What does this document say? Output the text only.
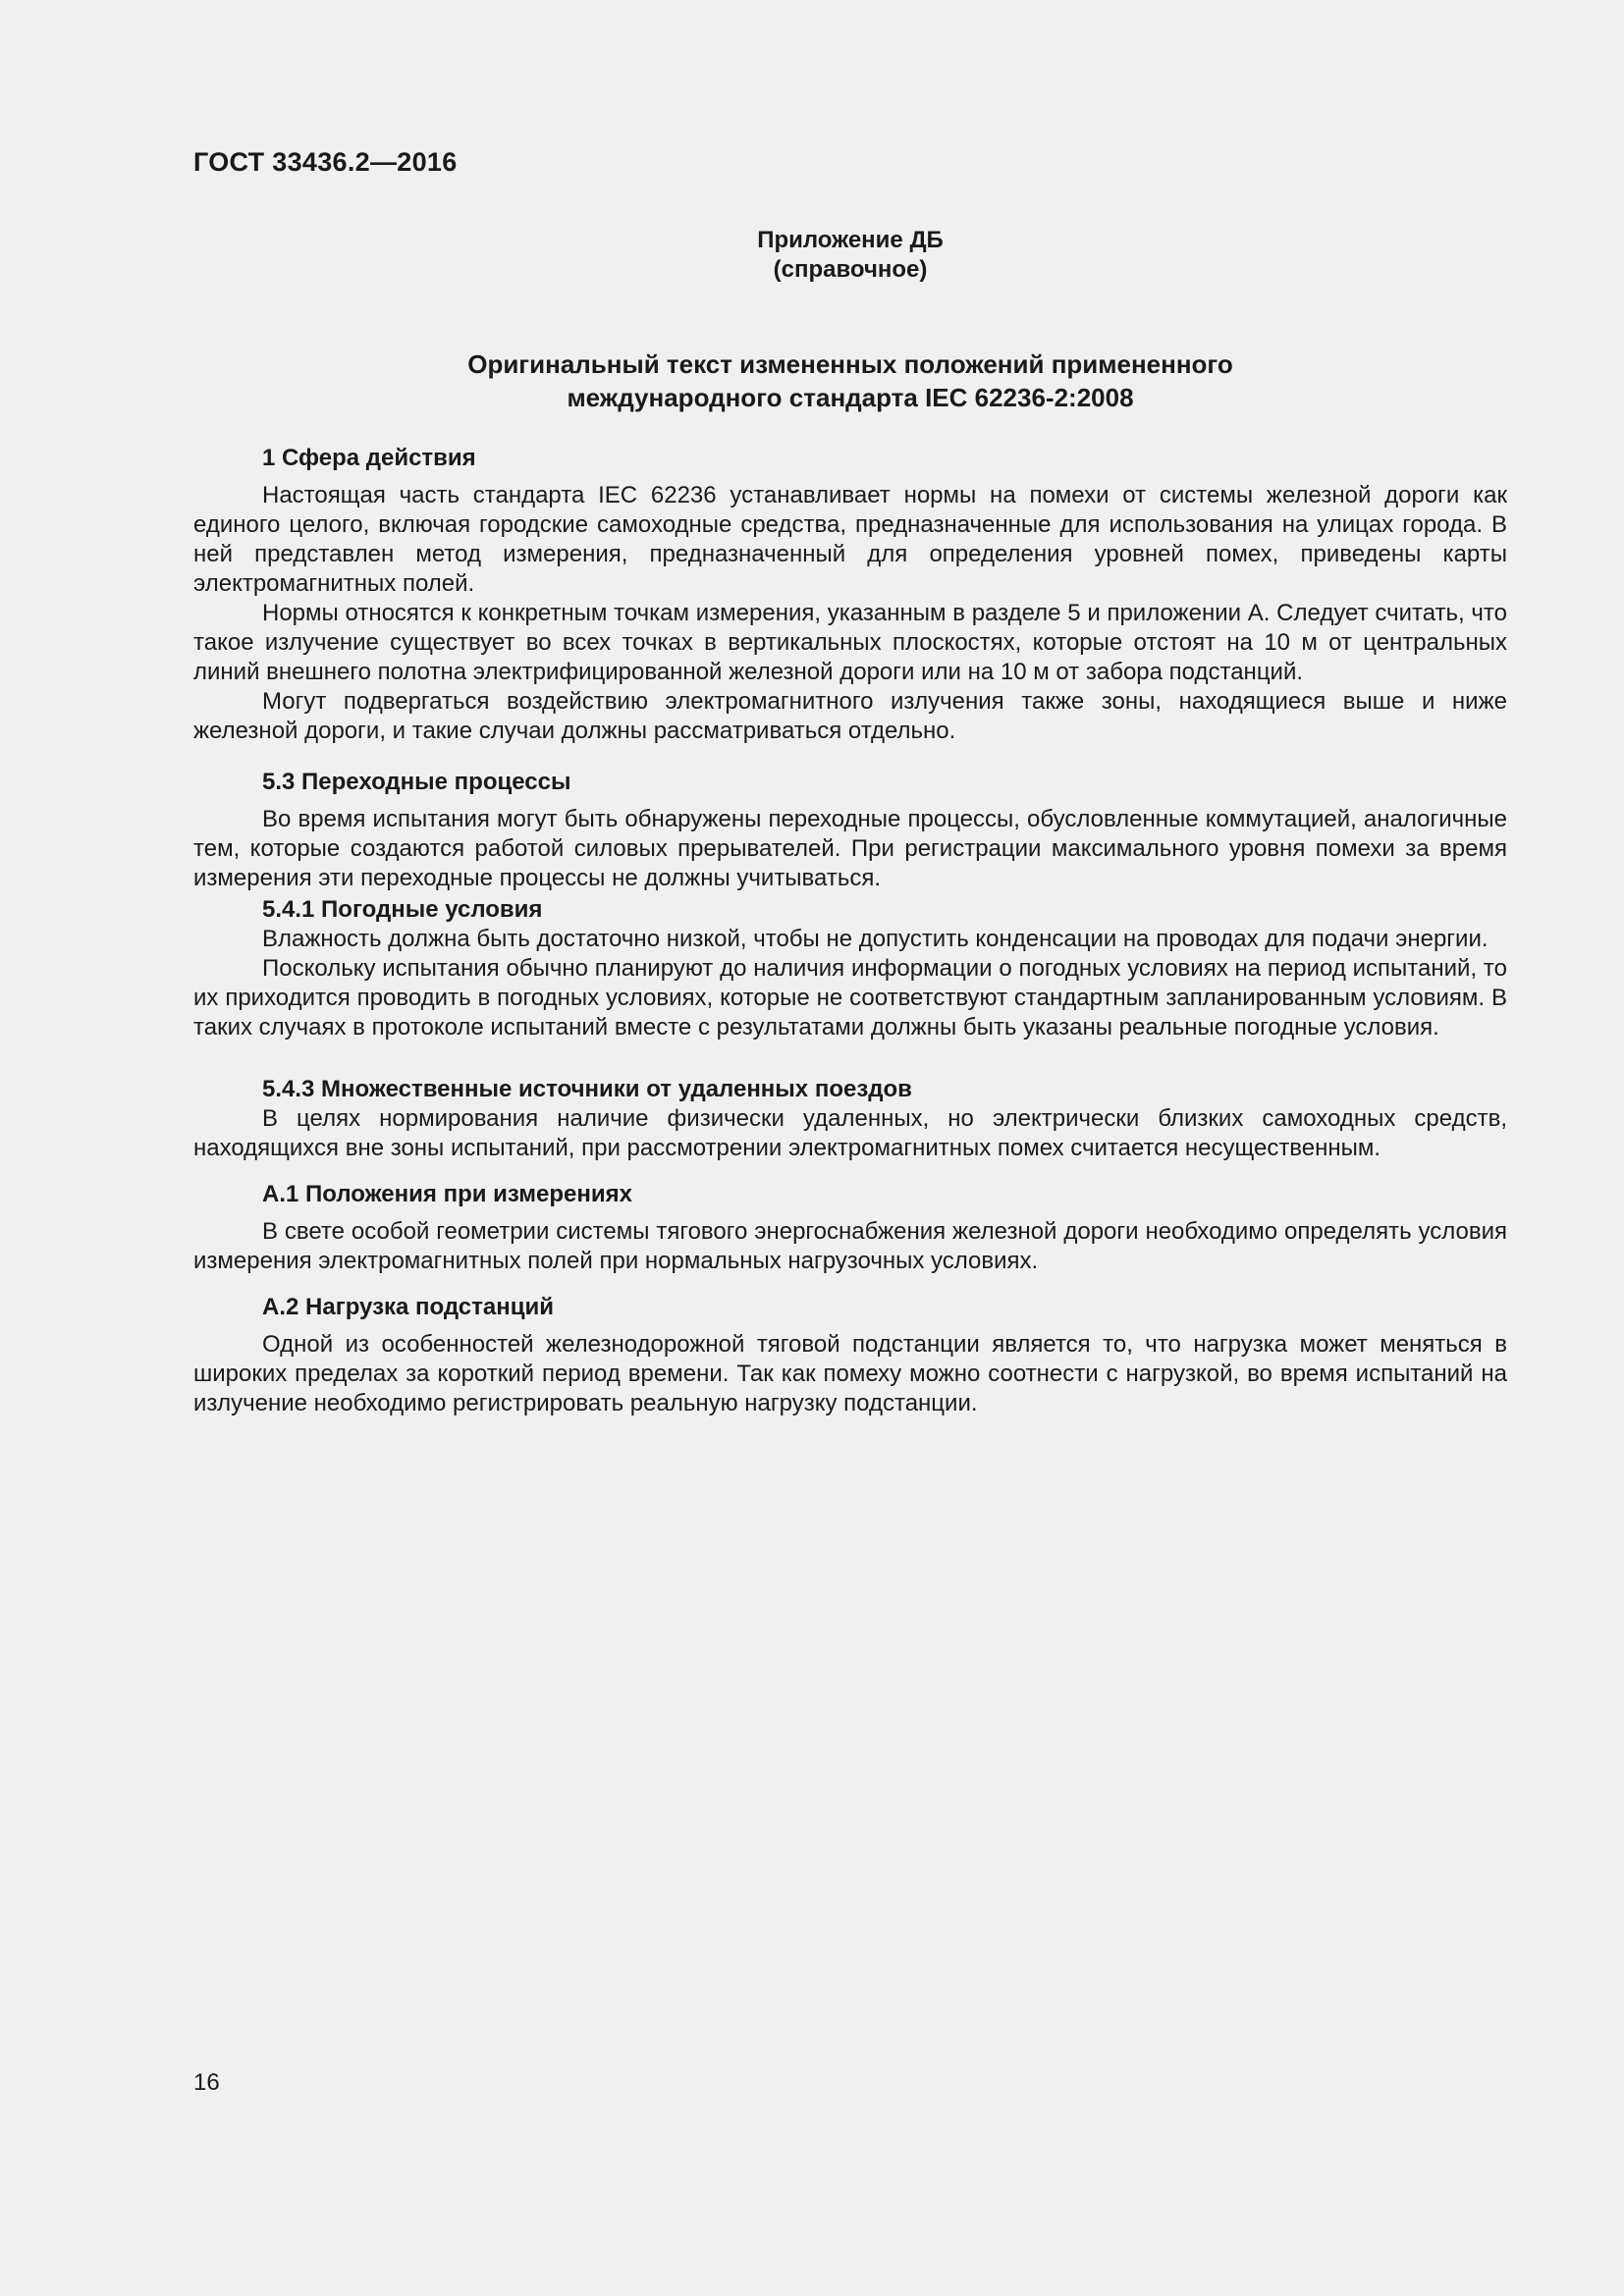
ГОСТ 33436.2—2016
Приложение ДБ
(справочное)
Оригинальный текст измененных положений примененного
международного стандарта IEC 62236-2:2008

1 Сфера действия

Настоящая часть стандарта IEC 62236 устанавливает нормы на помехи от системы железной дороги как единого целого, включая городские самоходные средства, предназначенные для использования на улицах города. В ней представлен метод измерения, предназначенный для определения уровней помех, приведены карты электромагнитных полей.

Нормы относятся к конкретным точкам измерения, указанным в разделе 5 и приложении А. Следует считать, что такое излучение существует во всех точках в вертикальных плоскостях, которые отстоят на 10 м от центральных линий внешнего полотна электрифицированной железной дороги или на 10 м от забора подстанций.

Могут подвергаться воздействию электромагнитного излучения также зоны, находящиеся выше и ниже железной дороги, и такие случаи должны рассматриваться отдельно.

5.3 Переходные процессы

Во время испытания могут быть обнаружены переходные процессы, обусловленные коммутацией, аналогичные тем, которые создаются работой силовых прерывателей. При регистрации максимального уровня помехи за время измерения эти переходные процессы не должны учитываться.

5.4.1 Погодные условия

Влажность должна быть достаточно низкой, чтобы не допустить конденсации на проводах для подачи энергии.

Поскольку испытания обычно планируют до наличия информации о погодных условиях на период испытаний, то их приходится проводить в погодных условиях, которые не соответствуют стандартным запланированным условиям. В таких случаях в протоколе испытаний вместе с результатами должны быть указаны реальные погодные условия.

5.4.3 Множественные источники от удаленных поездов

В целях нормирования наличие физически удаленных, но электрически близких самоходных средств, находящихся вне зоны испытаний, при рассмотрении электромагнитных помех считается несущественным.

А.1 Положения при измерениях

В свете особой геометрии системы тягового энергоснабжения железной дороги необходимо определять условия измерения электромагнитных полей при нормальных нагрузочных условиях.

А.2 Нагрузка подстанций

Одной из особенностей железнодорожной тяговой подстанции является то, что нагрузка может меняться в широких пределах за короткий период времени. Так как помеху можно соотнести с нагрузкой, во время испытаний на излучение необходимо регистрировать реальную нагрузку подстанции.

16
